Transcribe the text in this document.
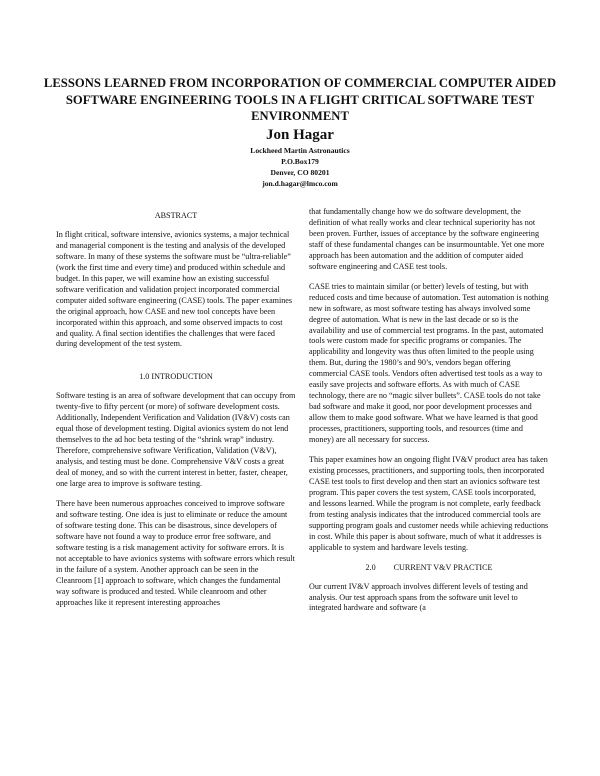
LESSONS LEARNED FROM INCORPORATION OF COMMERCIAL COMPUTER AIDED SOFTWARE ENGINEERING TOOLS IN A FLIGHT CRITICAL SOFTWARE TEST ENVIRONMENT
Jon Hagar
Lockheed Martin Astronautics
P.O.Box179
Denver, CO 80201
jon.d.hagar@lmco.com
ABSTRACT

In flight critical, software intensive, avionics systems, a major technical and managerial component is the testing and analysis of the developed software. In many of these systems the software must be “ultra-reliable” (work the first time and every time) and produced within schedule and budget. In this paper, we will examine how an existing successful software verification and validation project incorporated commercial computer aided software engineering (CASE) tools. The paper examines the original approach, how CASE and new tool concepts have been incorporated within this approach, and some observed impacts to cost and quality. A final section identifies the challenges that were faced during development of the test system.

1.0 INTRODUCTION

Software testing is an area of software development that can occupy from twenty-five to fifty percent (or more) of software development costs. Additionally, Independent Verification and Validation (IV&V) costs can equal those of development testing. Digital avionics system do not lend themselves to the ad hoc beta testing of the “shrink wrap” industry. Therefore, comprehensive software Verification, Validation (V&V), analysis, and testing must be done. Comprehensive V&V costs a great deal of money, and so with the current interest in better, faster, cheaper, one large area to improve is software testing.

There have been numerous approaches conceived to improve software and software testing. One idea is just to eliminate or reduce the amount of software testing done. This can be disastrous, since developers of software have not found a way to produce error free software, and software testing is a risk management activity for software errors. It is not acceptable to have avionics systems with software errors which result in the failure of a system. Another approach can be seen in the Cleanroom [1] approach to software, which changes the fundamental way software is produced and tested. While cleanroom and other approaches like it represent interesting approaches

that fundamentally change how we do software development, the definition of what really works and clear technical superiority has not been proven. Further, issues of acceptance by the software engineering staff of these fundamental changes can be insurmountable. Yet one more approach has been automation and the addition of computer aided software engineering and CASE test tools.

CASE tries to maintain similar (or better) levels of testing, but with reduced costs and time because of automation. Test automation is nothing new in software, as most software testing has always involved some degree of automation. What is new in the last decade or so is the availability and use of commercial test programs. In the past, automated tools were custom made for specific programs or companies. The applicability and longevity was thus often limited to the people using them. But, during the 1980’s and 90’s, vendors began offering commercial CASE tools. Vendors often advertised test tools as a way to easily save projects and software efforts. As with much of CASE technology, there are no “magic silver bullets”. CASE tools do not take bad software and make it good, nor poor development processes and allow them to make good software. What we have learned is that good processes, practitioners, supporting tools, and resources (time and money) are all necessary for success.

This paper examines how an ongoing flight IV&V product area has taken existing processes, practitioners, and supporting tools, then incorporated CASE test tools to first develop and then start an avionics software test program. This paper covers the test system, CASE tools incorporated, and lessons learned. While the program is not complete, early feedback from testing analysis indicates that the introduced commercial tools are supporting program goals and customer needs while achieving reductions in cost. While this paper is about software, much of what it addresses is applicable to system and hardware levels testing.

2.0 CURRENT V&V PRACTICE

Our current IV&V approach involves different levels of testing and analysis. Our test approach spans from the software unit level to integrated hardware and software (a
